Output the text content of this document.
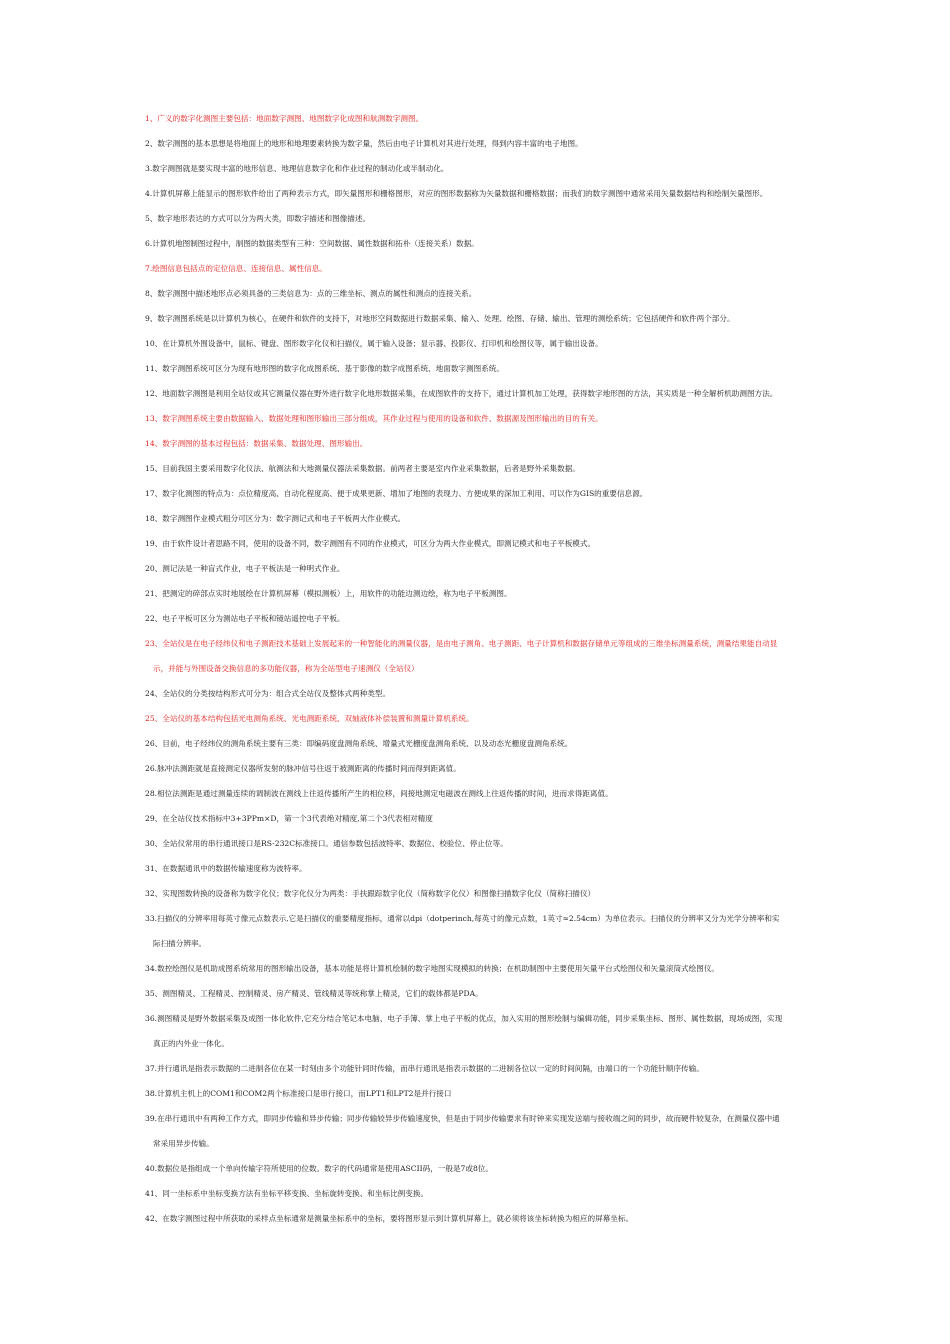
1、广义的数字化测图主要包括：地面数字测图、地图数字化成图和航测数字测图。
2、数字测图的基本思想是将地面上的地形和地理要素转换为数字量，然后由电子计算机对其进行处理，得到内容丰富的电子地图。
3.数字测图就是要实现丰富的地形信息、地理信息数字化和作业过程的制动化或半制动化。
4.计算机屏幕上能显示的图形软件给出了两种表示方式，即矢量图形和栅格图形，对应的图形数据称为矢量数据和栅格数据；而我们的数字测图中通常采用矢量数据结构和绘制矢量图形。
5、数字地形表达的方式可以分为两大类，即数字描述和图像描述。
6.计算机地图制图过程中，制图的数据类型有三种：空间数据、属性数据和拓朴（连接关系）数据。
7.绘图信息包括点的定位信息、连接信息、属性信息。
8、数字测图中描述地形点必须具备的三类信息为：点的三维坐标、测点的属性和测点的连接关系。
9、数字测图系统是以计算机为核心，在硬件和软件的支持下，对地形空间数据进行数据采集、输入、处理、绘图、存储、输出、管理的测绘系统；它包括硬件和软件两个部分。
10、在计算机外围设备中，鼠标、键盘、图形数字化仪和扫描仪，属于输入设备；显示器、投影仪、打印机和绘图仪等，属于输出设备。
11、数字测图系统可区分为现有地形图的数字化成图系统、基于影像的数字成图系统、地面数字测图系统。
12、地面数字测图是利用全站仪或其它测量仪器在野外进行数字化地形数据采集，在成图软件的支持下，通过计算机加工处理，获得数字地形图的方法，其实质是一种全解析机助测图方法。
13、数字测图系统主要由数据输入、数据处理和图形输出三部分组成，其作业过程与使用的设备和软件、数据源及图形输出的目的有关。
14、数字测图的基本过程包括：数据采集、数据处理、图形输出。
15、目前我国主要采用数字化仪法、航测法和大地测量仪器法采集数据。前两者主要是室内作业采集数据，后者是野外采集数据。
17、数字化测图的特点为：点位精度高、自动化程度高、便于成果更新、增加了地图的表现力、方便成果的深加工利用、可以作为GIS的重要信息源。
18、数字测图作业模式粗分可区分为：数字测记式和电子平板两大作业模式。
19、由于软件设计者思路不同，使用的设备不同，数字测图有不同的作业模式，可区分为两大作业模式，即测记模式和电子平板模式。
20、测记法是一种盲式作业，电子平板法是一种明式作业。
21、把测定的碎部点实时地展绘在计算机屏幕（模拟测板）上，用软件的功能边测边绘，称为电子平板测图。
22、电子平板可区分为测站电子平板和镜站遥控电子平板。
23、全站仪是在电子经纬仪和电子测距技术基础上发展起来的一种智能化的测量仪器，是由电子测角、电子测距、电子计算机和数据存储单元等组成的三维坐标测量系统，测量结果能自动显
示，并能与外围设备交换信息的多功能仪器，称为全站型电子速测仪（全站仪）
24、全站仪的分类按结构形式可分为：组合式全站仪及整体式两种类型。
25、全站仪的基本结构包括光电测角系统、光电测距系统、双轴液体补偿装置和测量计算机系统。
26、目前，电子经纬仪的测角系统主要有三类：即编码度盘测角系统、增量式光栅度盘测角系统、以及动态光栅度盘测角系统。
26.脉冲法测距就是直接测定仪器所发射的脉冲信号往返于被测距离的传播时间而得到距离值。
28.相位法测距是通过测量连续的调制波在测线上往返传播所产生的相位移，间接地测定电磁波在测线上往返传播的时间，进而求得距离值。
29、在全站仪技术指标中3+3PPm×D，第一个3代表绝对精度,第二个3代表相对精度
30、全站仪常用的串行通讯接口是RS-232C标准接口。通信参数包括波特率、数据位、校验位、停止位等。
31、在数据通讯中的数据传输速度称为波特率。
32、实现图数转换的设备称为数字化仪；数字化仪分为两类：手扶跟踪数字化仪（简称数字化仪）和图像扫描数字化仪（简称扫描仪）
33.扫描仪的分辨率用每英寸像元点数表示,它是扫描仪的重要精度指标，通常以dpi（dotperinch,每英寸的像元点数，1英寸≈2.54cm）为单位表示。扫描仪的分辨率又分为光学分辨率和实
际扫描分辨率。
34.数控绘图仪是机助成图系统常用的图形输出设备，基本功能是将计算机绘制的数字地图实现模拟的转换；在机助制图中主要使用矢量平台式绘图仪和矢量滚筒式绘图仪。
35、测图精灵、工程精灵、控制精灵、房产精灵、管线精灵等统称掌上精灵，它们的载体都是PDA。
36.测图精灵是野外数据采集及成图一体化软件,它充分结合笔记本电脑、电子手簿、掌上电子平板的优点，加入实用的图形绘制与编辑功能，同步采集坐标、图形、属性数据，现场成图，实现
真正的内外业一体化。
37.并行通讯是指表示数据的二进制各位在某一时刻由多个功能针同时传输，而串行通讯是指表示数据的二进制各位以一定的时间间隔，由端口的一个功能针顺序传输。
38.计算机主机上的COM1和COM2两个标准接口是串行接口，而LPT1和LPT2是并行接口
39.在串行通讯中有两种工作方式，即同步传输和异步传输；同步传输较异步传输速度快，但是由于同步传输要求有时钟来实现发送端与接收端之间的同步，故而硬件较复杂，在测量仪器中通
常采用异步传输。
40.数据位是指组成一个单向传输字符所使用的位数。数字的代码通常是使用ASCII码，一般是7或8位。
41、同一坐标系中坐标变换方法有坐标平移变换、坐标旋转变换、和坐标比例变换。
42、在数字测图过程中所获取的采样点坐标通常是测量坐标系中的坐标，要将图形显示到计算机屏幕上，就必须将该坐标转换为相应的屏幕坐标。
